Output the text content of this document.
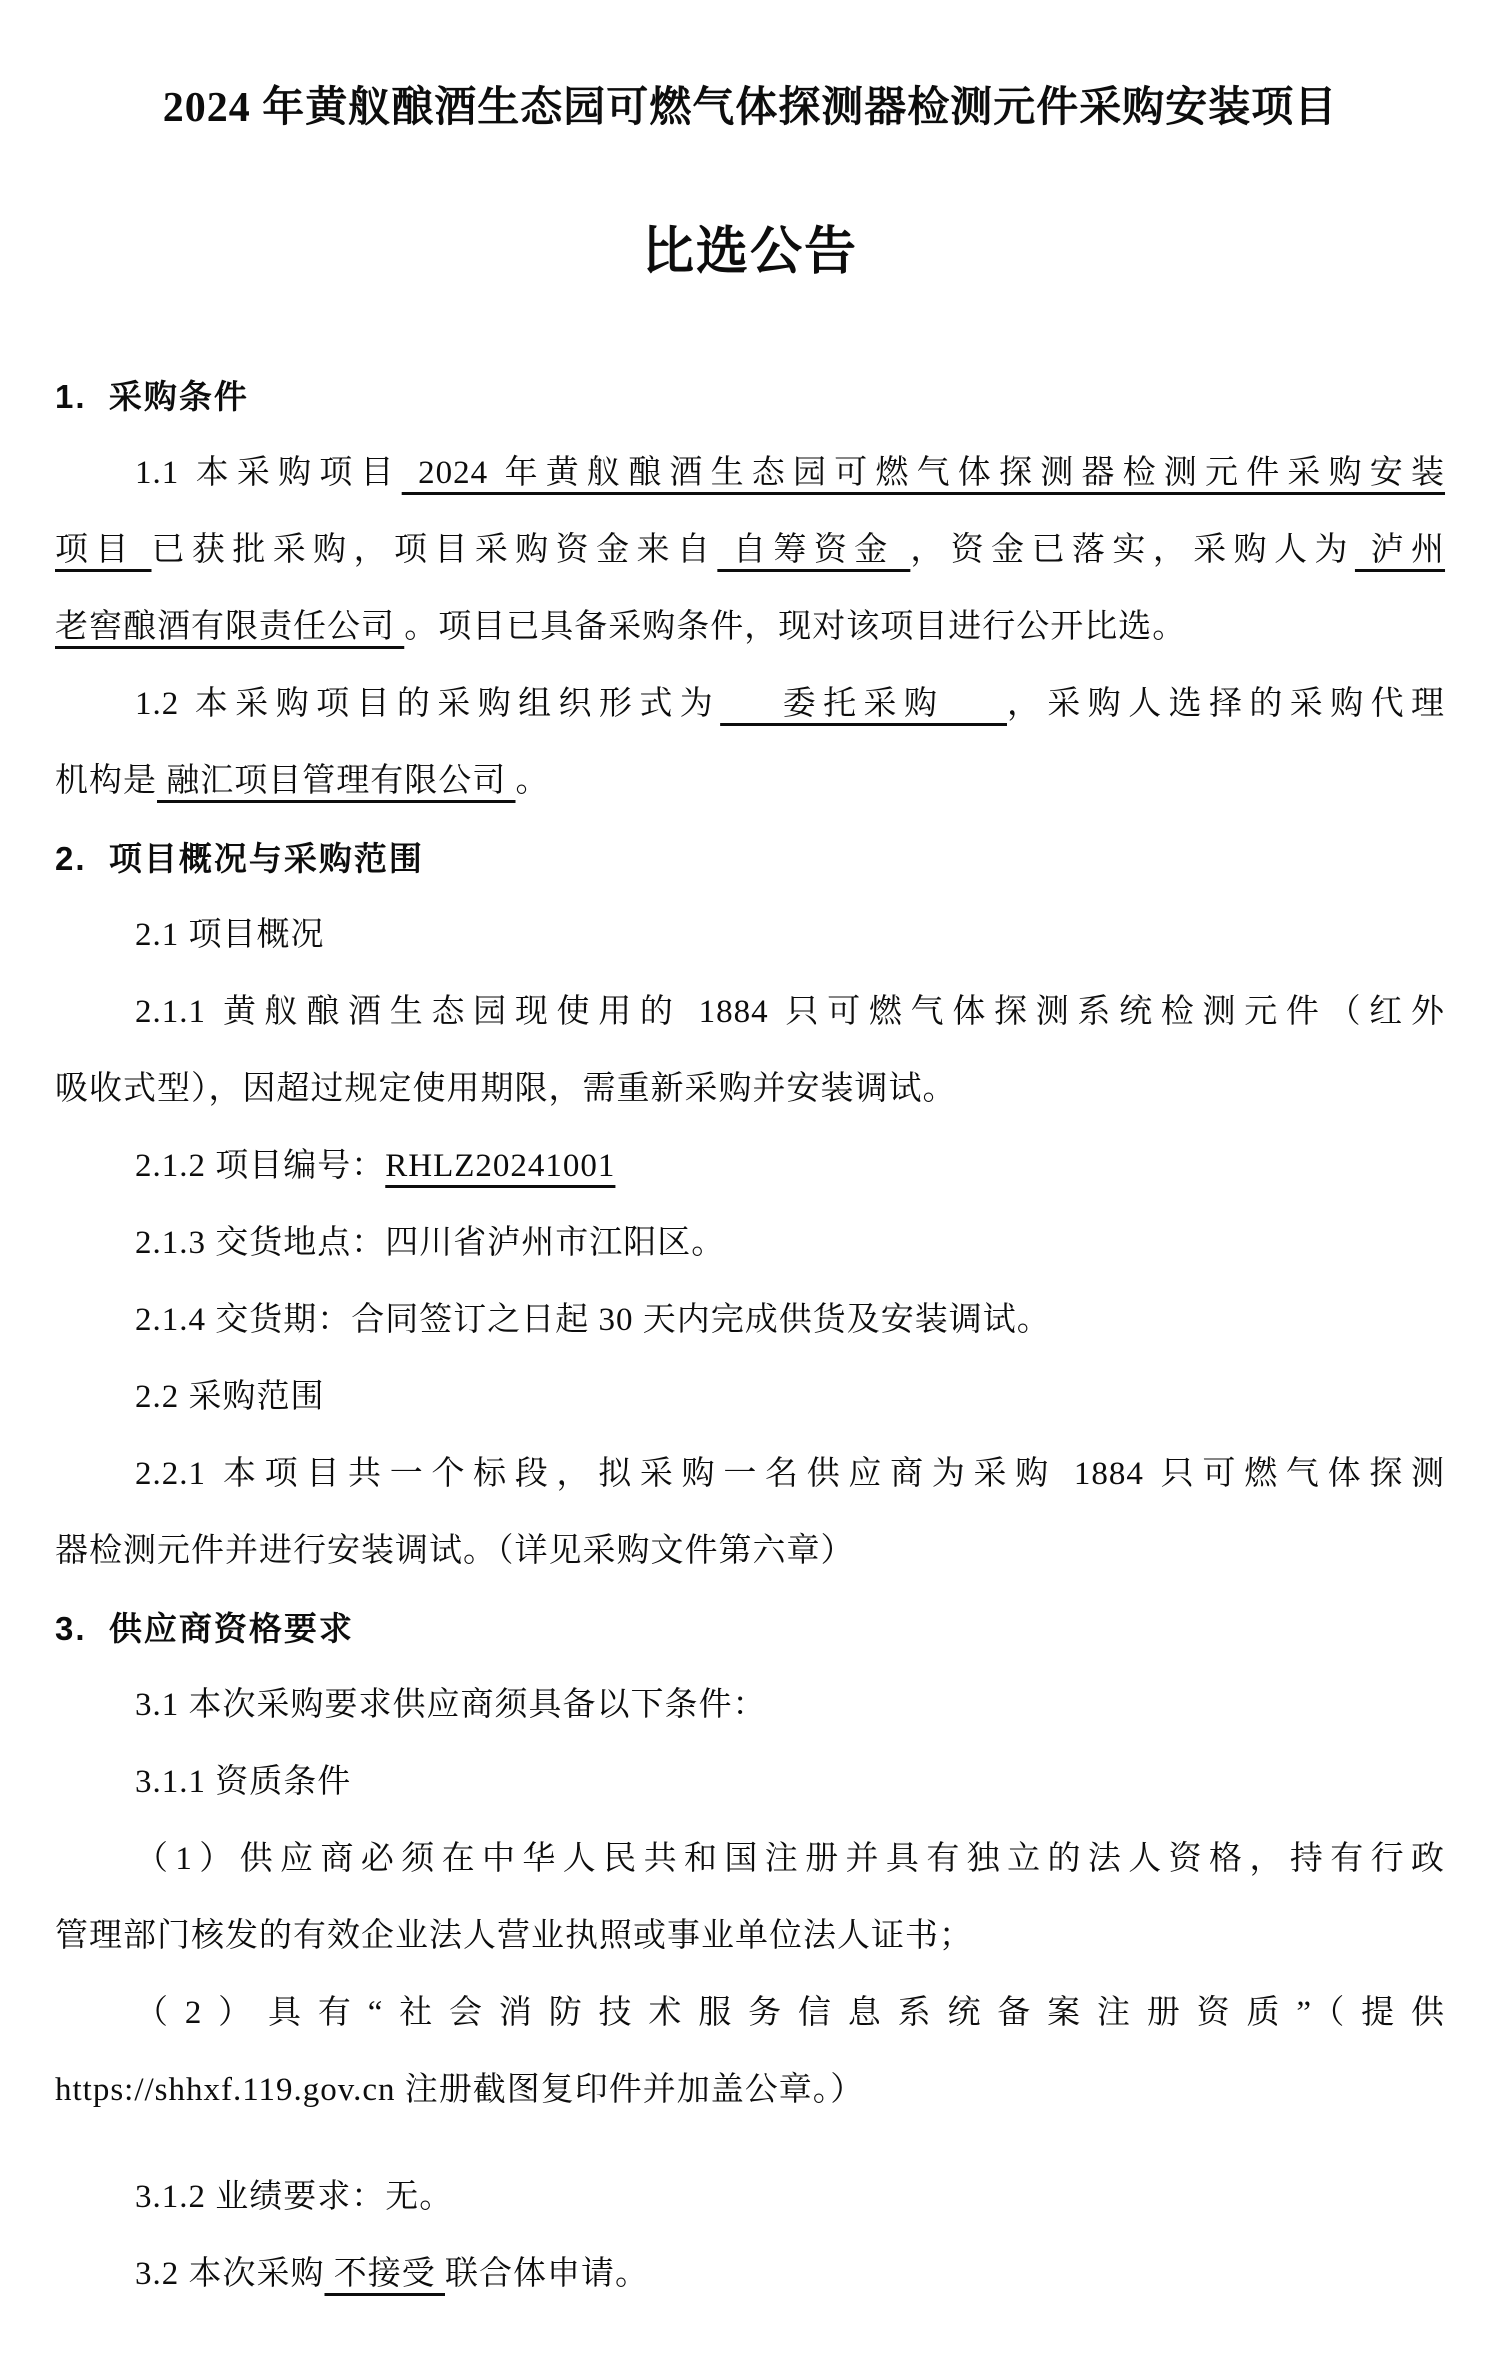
2024 年黄舣酿酒生态园可燃气体探测器检测元件采购安装项目
比选公告
1.  采购条件
1.1 本采购项目 2024 年黄舣酿酒生态园可燃气体探测器检测元件采购安装
项目 已获批采购，项目采购资金来自 自筹资金 ，资金已落实，采购人为 泸州
老窖酿酒有限责任公司 。项目已具备采购条件，现对该项目进行公开比选。
1.2 本采购项目的采购组织形式为    委托采购    ，采购人选择的采购代理
机构是 融汇项目管理有限公司 。
2.  项目概况与采购范围
2.1 项目概况
2.1.1 黄舣酿酒生态园现使用的 1884 只可燃气体探测系统检测元件（红外
吸收式型），因超过规定使用期限，需重新采购并安装调试。
2.1.2 项目编号：RHLZ20241001
2.1.3 交货地点：四川省泸州市江阳区。
2.1.4 交货期：合同签订之日起 30 天内完成供货及安装调试。
2.2 采购范围
2.2.1 本项目共一个标段，拟采购一名供应商为采购 1884 只可燃气体探测
器检测元件并进行安装调试。（详见采购文件第六章）
3.  供应商资格要求
3.1 本次采购要求供应商须具备以下条件：
3.1.1 资质条件
（1）供应商必须在中华人民共和国注册并具有独立的法人资格，持有行政
管理部门核发的有效企业法人营业执照或事业单位法人证书；
（2）具有“社会消防技术服务信息系统备案注册资质”（提供
https://shhxf.119.gov.cn 注册截图复印件并加盖公章。）
3.1.2 业绩要求：无。
3.2 本次采购 不接受 联合体申请。
